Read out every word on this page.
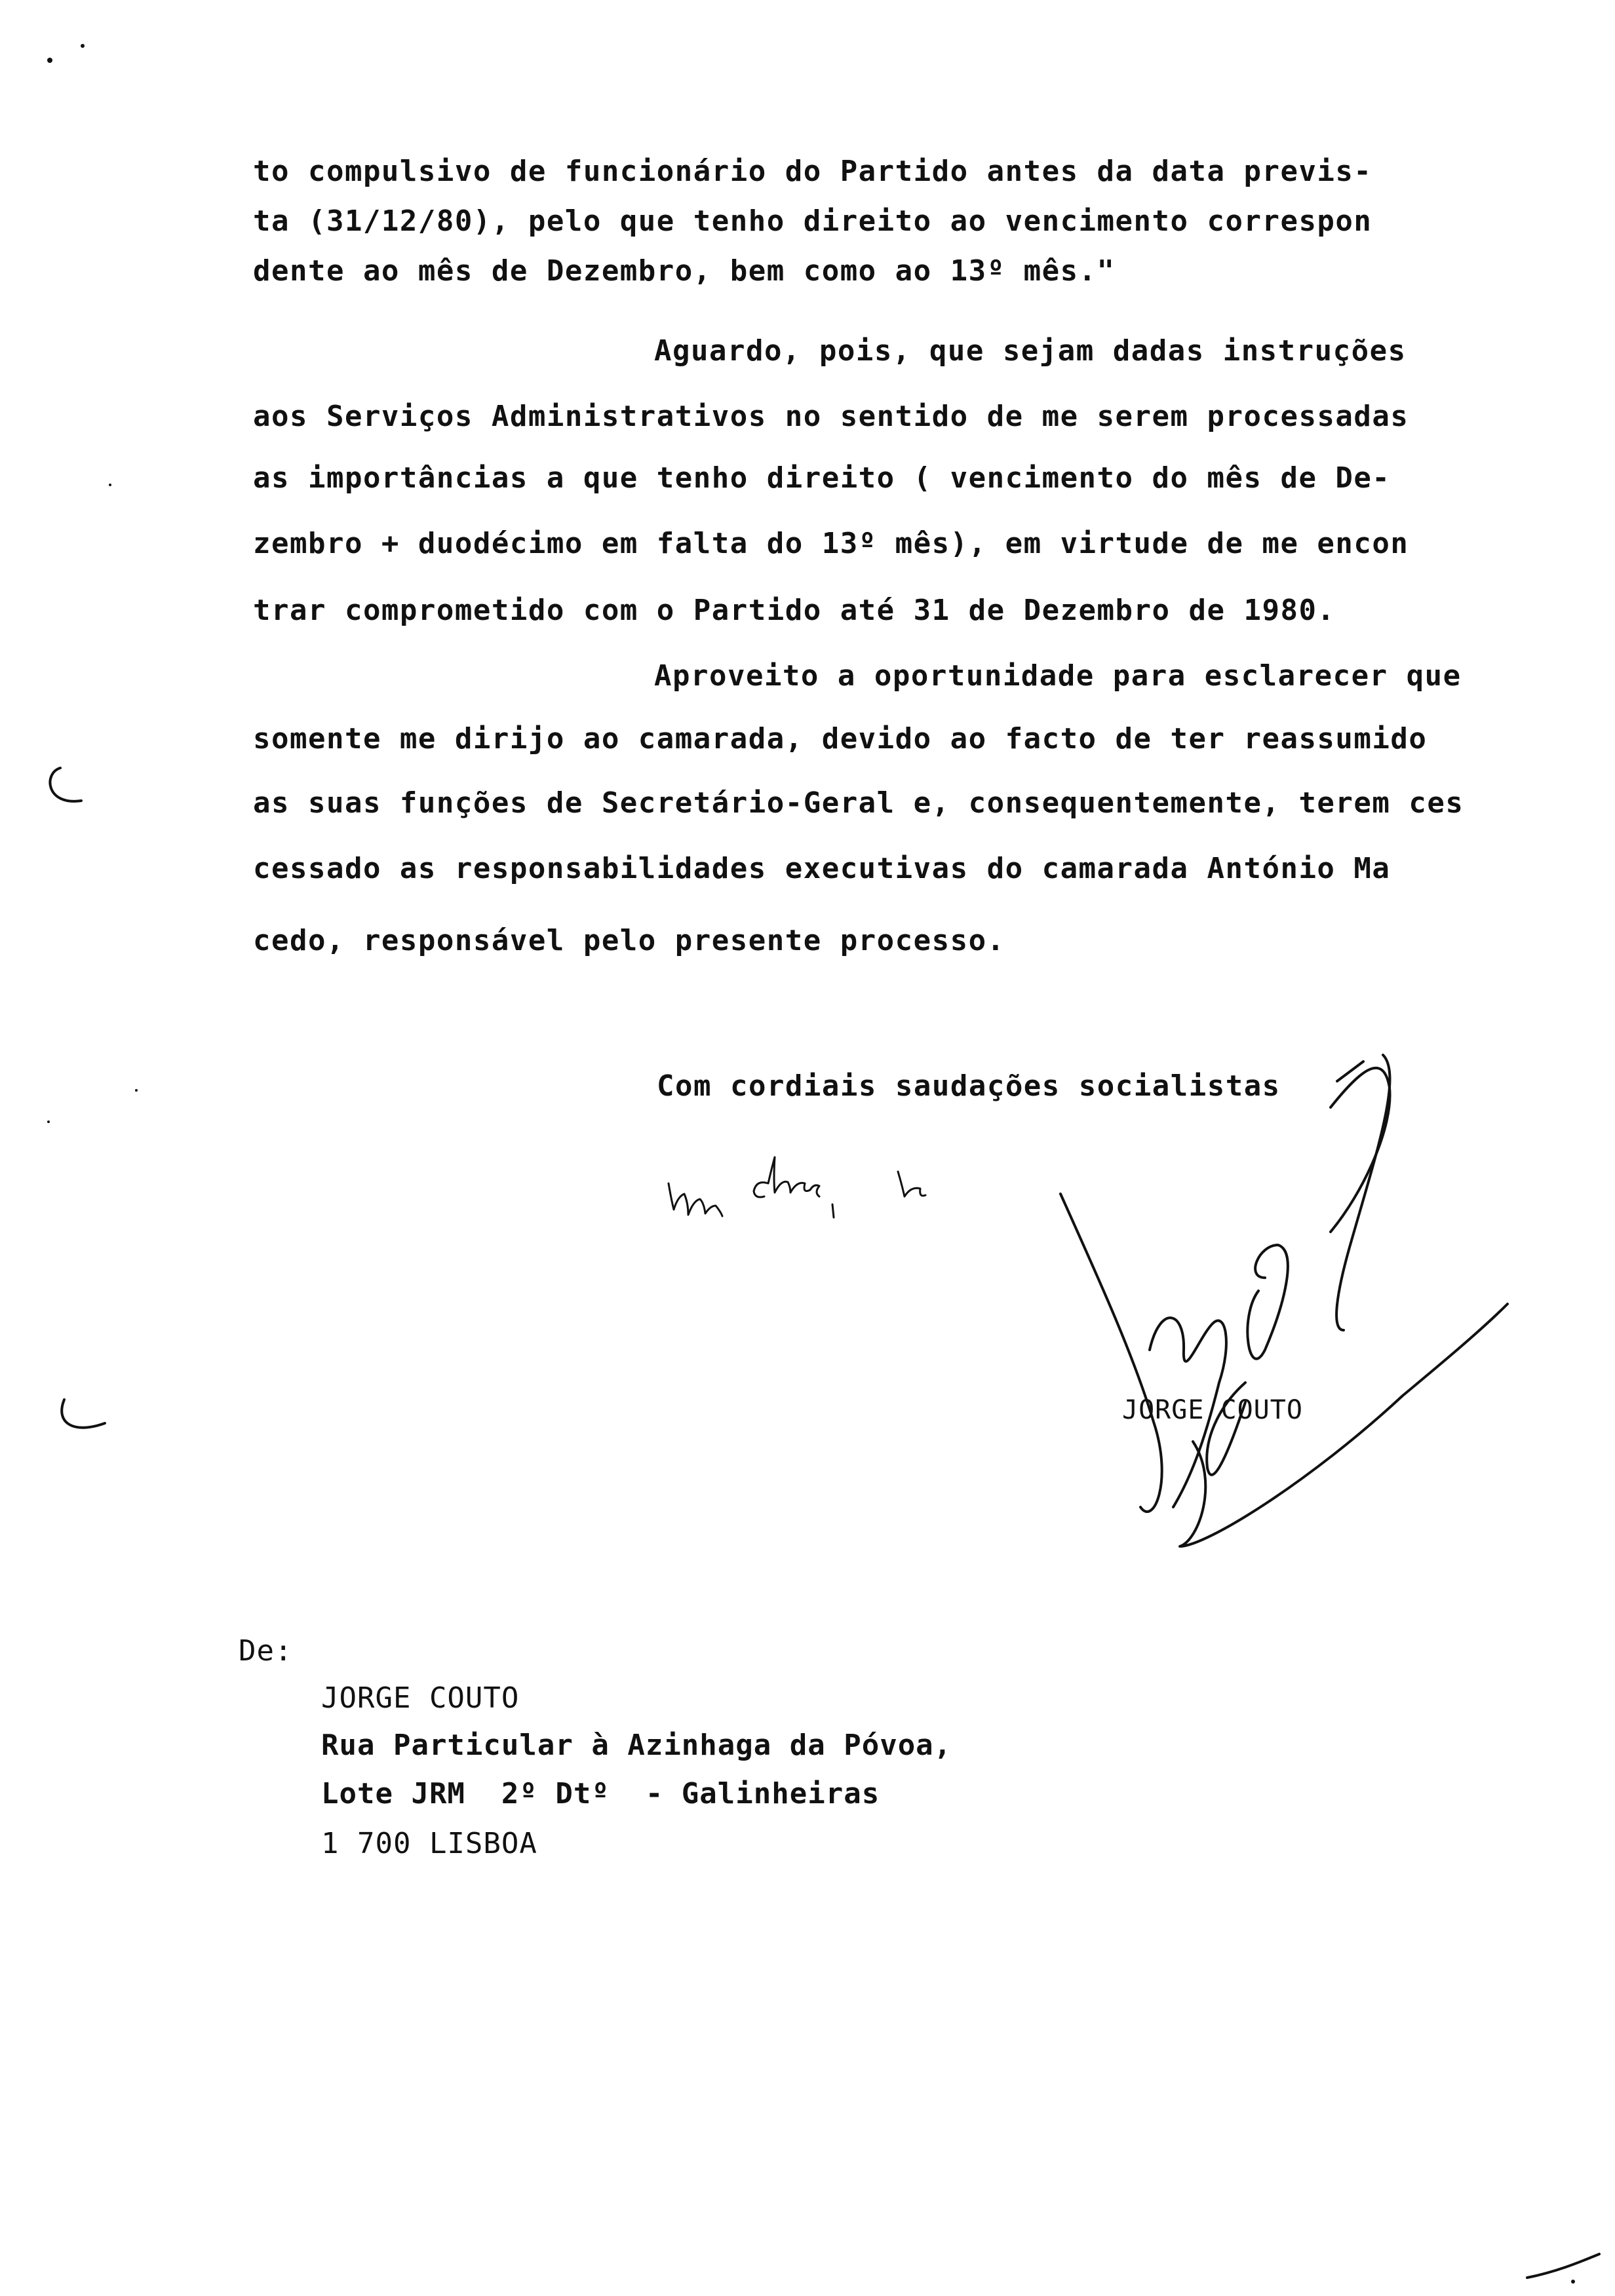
to compulsivo de funcionário do Partido antes da data previs-
ta (31/12/80), pelo que tenho direito ao vencimento correspon
dente ao mês de Dezembro, bem como ao 13º mês."
Aguardo, pois, que sejam dadas instruções
aos Serviços Administrativos no sentido de me serem processadas
as importâncias a que tenho direito ( vencimento do mês de De-
zembro + duodécimo em falta do 13º mês), em virtude de me encon
trar comprometido com o Partido até 31 de Dezembro de 1980.
Aproveito a oportunidade para esclarecer que
somente me dirijo ao camarada, devido ao facto de ter reassumido
as suas funções de Secretário-Geral e, consequentemente, terem ces
cessado as responsabilidades executivas do camarada António Ma
cedo, responsável pelo presente processo.
Com cordiais saudações socialistas
JORGE COUTO
De:
JORGE COUTO
Rua Particular à Azinhaga da Póvoa,
Lote JRM  2º Dtº  - Galinheiras
1 700 LISBOA
